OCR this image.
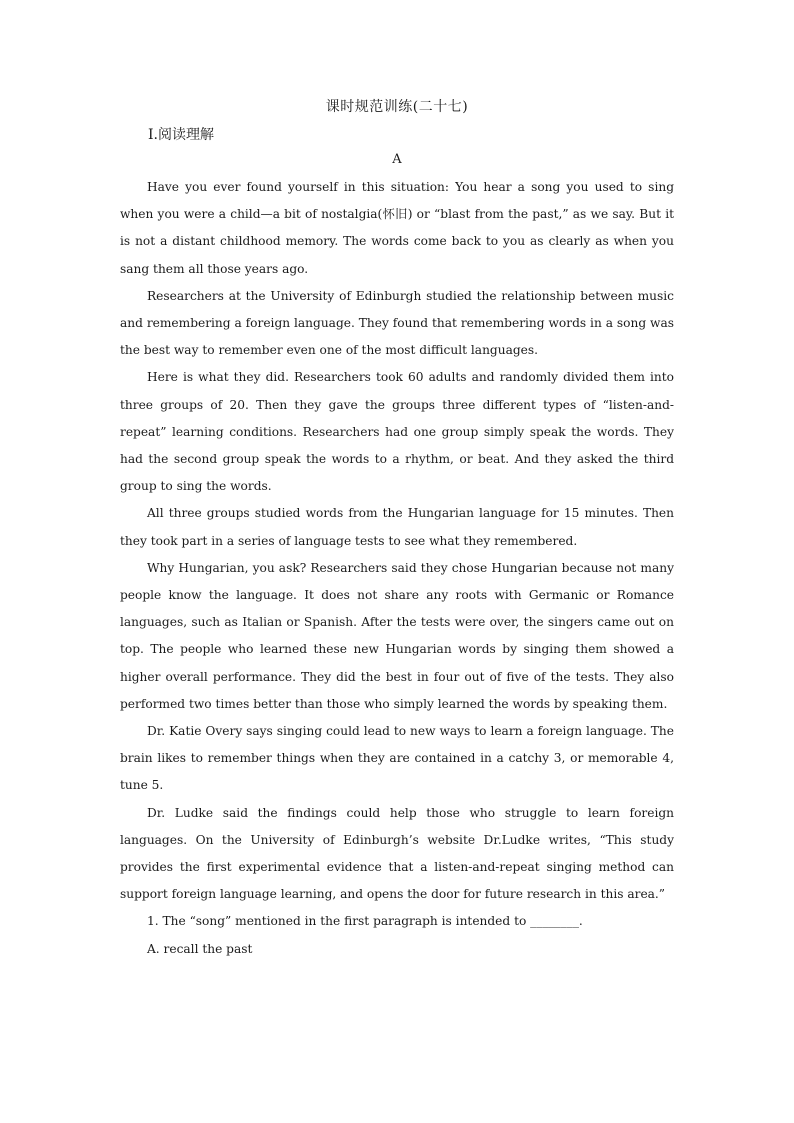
课时规范训练(二十七)
Ⅰ.阅读理解
A

Have you ever found yourself in this situation: You hear a song you used to sing when you were a child—a bit of nostalgia(怀旧) or “blast from the past,” as we say. But it is not a distant childhood memory. The words come back to you as clearly as when you sang them all those years ago.

Researchers at the University of Edinburgh studied the relationship between music and remembering a foreign language. They found that remembering words in a song was the best way to remember even one of the most difficult languages.

Here is what they did. Researchers took 60 adults and randomly divided them into three groups of 20. Then they gave the groups three different types of “listen-and-repeat” learning conditions. Researchers had one group simply speak the words. They had the second group speak the words to a rhythm, or beat. And they asked the third group to sing the words.

All three groups studied words from the Hungarian language for 15 minutes. Then they took part in a series of language tests to see what they remembered.

Why Hungarian, you ask? Researchers said they chose Hungarian because not many people know the language. It does not share any roots with Germanic or Romance languages, such as Italian or Spanish. After the tests were over, the singers came out on top. The people who learned these new Hungarian words by singing them showed a higher overall performance. They did the best in four out of five of the tests. They also performed two times better than those who simply learned the words by speaking them.

Dr. Katie Overy says singing could lead to new ways to learn a foreign language. The brain likes to remember things when they are contained in a catchy 3, or memorable 4, tune 5.

Dr. Ludke said the findings could help those who struggle to learn foreign languages. On the University of Edinburgh’s website Dr.Ludke writes, “This study provides the first experimental evidence that a listen-and-repeat singing method can support foreign language learning, and opens the door for future research in this area.”

1. The “song” mentioned in the first paragraph is intended to ________.

A. recall the past
